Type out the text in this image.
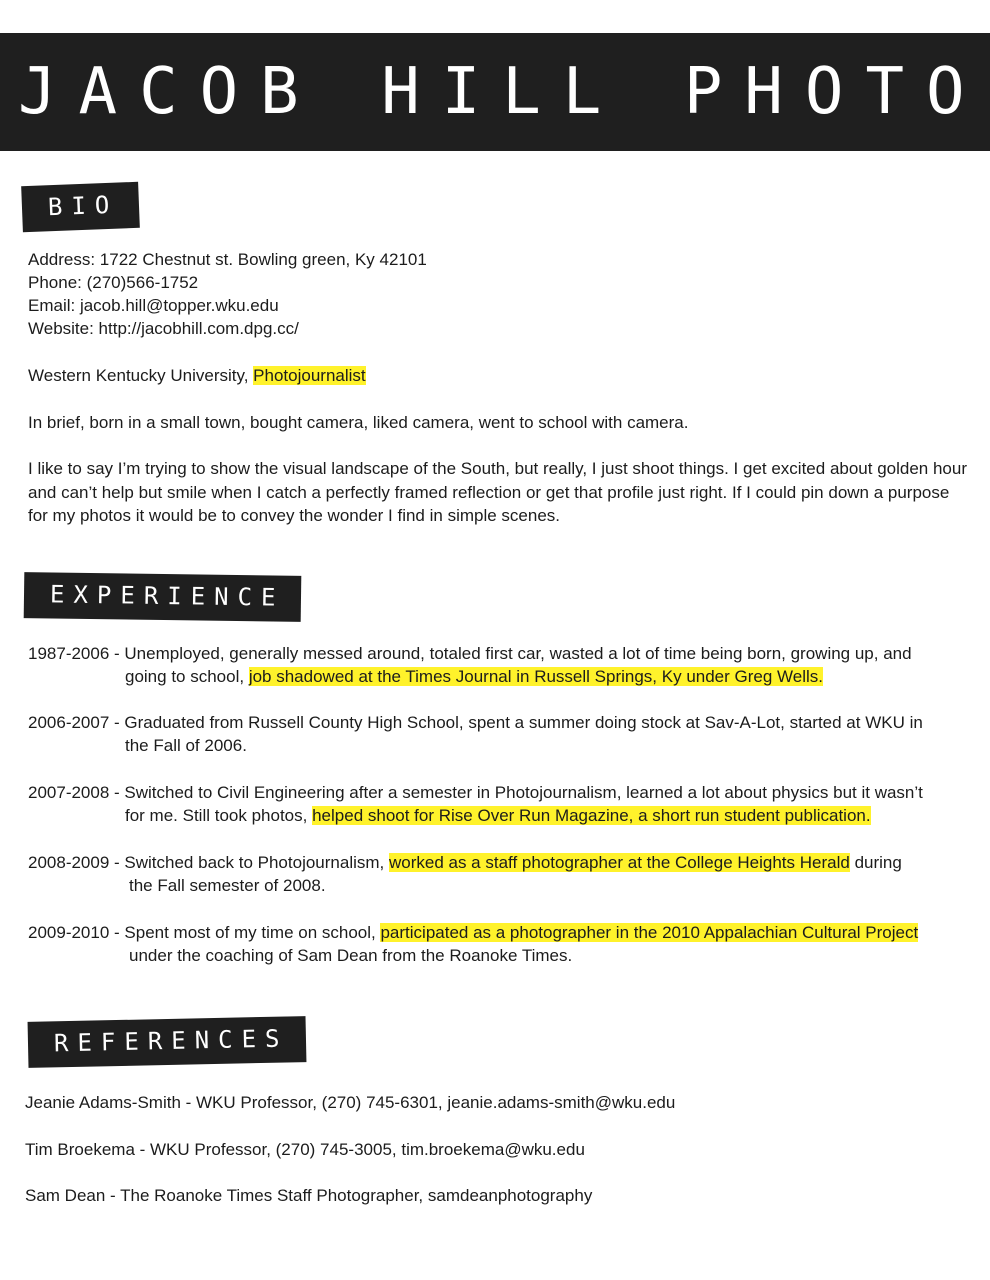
JACOB HILL PHOTO
BIO
Address: 1722 Chestnut st. Bowling green, Ky 42101
Phone: (270)566-1752
Email: jacob.hill@topper.wku.edu
Website: http://jacobhill.com.dpg.cc/
Western Kentucky University, Photojournalist
In brief, born in a small town, bought camera, liked camera, went to school with camera.
I like to say I’m trying to show the visual landscape of the South, but really, I just shoot things. I get excited about golden hour and can’t help but smile when I catch a perfectly framed reflection or get that profile just right. If I could pin down a purpose for my photos it would be to convey the wonder I find in simple scenes.
EXPERIENCE
1987-2006 - Unemployed, generally messed around, totaled first car, wasted a lot of time being born, growing up, and
going to school, job shadowed at the Times Journal in Russell Springs, Ky under Greg Wells.
2006-2007 - Graduated from Russell County High School, spent a summer doing stock at Sav-A-Lot, started at WKU in
the Fall of 2006.
2007-2008 - Switched to Civil Engineering after a semester in Photojournalism, learned a lot about physics but it wasn’t
for me. Still took photos, helped shoot for Rise Over Run Magazine, a short run student publication.
2008-2009 - Switched back to Photojournalism, worked as a staff photographer at the College Heights Herald during
the Fall semester of 2008.
2009-2010 - Spent most of my time on school, participated as a photographer in the 2010 Appalachian Cultural Project
under the coaching of Sam Dean from the Roanoke Times.
REFERENCES
Jeanie Adams-Smith - WKU Professor, (270) 745-6301, jeanie.adams-smith@wku.edu
Tim Broekema - WKU Professor, (270) 745-3005, tim.broekema@wku.edu
Sam Dean - The Roanoke Times Staff Photographer, samdeanphotography
